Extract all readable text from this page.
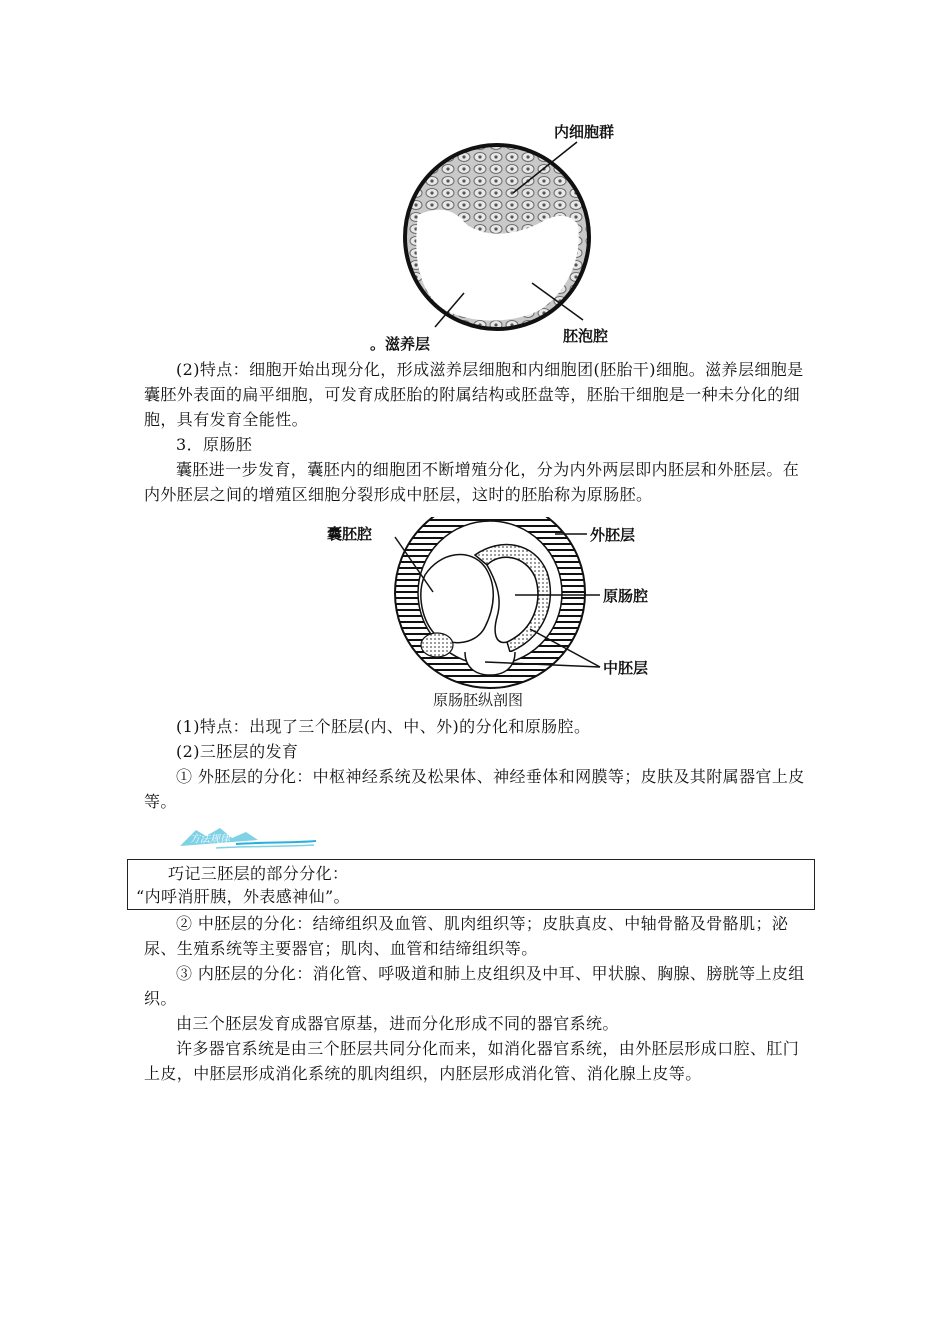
内细胞群
。滋养层	胚泡腔

(2)特点：细胞开始出现分化，形成滋养层细胞和内细胞团(胚胎干)细胞。滋养层细胞是囊胚外表面的扁平细胞，可发育成胚胎的附属结构或胚盘等，胚胎干细胞是一种未分化的细胞，具有发育全能性。

3．原肠胚

囊胚进一步发育，囊胚内的细胞团不断增殖分化，分为内外两层即内胚层和外胚层。在内外胚层之间的增殖区细胞分裂形成中胚层，这时的胚胎称为原肠胚。

囊胚腔	外胚层
原肠腔
中胚层
原肠胚纵剖图

(1)特点：出现了三个胚层(内、中、外)的分化和原肠腔。

(2)三胚层的发育

① 外胚层的分化：中枢神经系统及松果体、神经垂体和网膜等；皮肤及其附属器官上皮等。

方法规律

巧记三胚层的部分分化：

“内呼消肝胰，外表感神仙”。

② 中胚层的分化：结缔组织及血管、肌肉组织等；皮肤真皮、中轴骨骼及骨骼肌；泌尿、生殖系统等主要器官；肌肉、血管和结缔组织等。

③ 内胚层的分化：消化管、呼吸道和肺上皮组织及中耳、甲状腺、胸腺、膀胱等上皮组织。

由三个胚层发育成器官原基，进而分化形成不同的器官系统。

许多器官系统是由三个胚层共同分化而来，如消化器官系统，由外胚层形成口腔、肛门上皮，中胚层形成消化系统的肌肉组织，内胚层形成消化管、消化腺上皮等。
